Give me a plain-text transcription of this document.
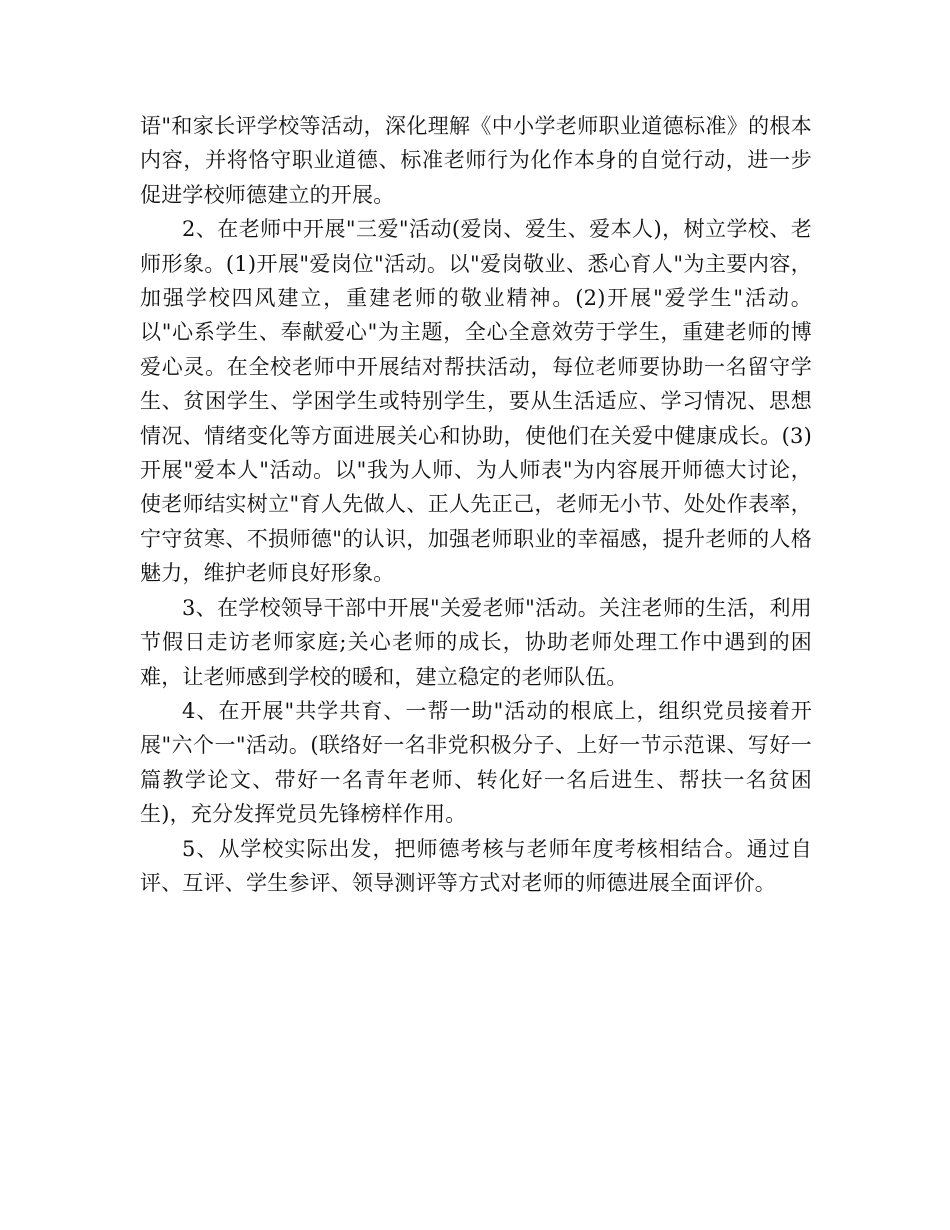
语"和家长评学校等活动，深化理解《中小学老师职业道德标准》的根本内容，并将恪守职业道德、标准老师行为化作本身的自觉行动，进一步促进学校师德建立的开展。

2、在老师中开展"三爱"活动(爱岗、爱生、爱本人)，树立学校、老师形象。(1)开展"爱岗位"活动。以"爱岗敬业、悉心育人"为主要内容，加强学校四风建立，重建老师的敬业精神。(2)开展"爱学生"活动。以"心系学生、奉献爱心"为主题，全心全意效劳于学生，重建老师的博爱心灵。在全校老师中开展结对帮扶活动，每位老师要协助一名留守学生、贫困学生、学困学生或特别学生，要从生活适应、学习情况、思想情况、情绪变化等方面进展关心和协助，使他们在关爱中健康成长。(3)开展"爱本人"活动。以"我为人师、为人师表"为内容展开师德大讨论，使老师结实树立"育人先做人、正人先正己，老师无小节、处处作表率，宁守贫寒、不损师德"的认识，加强老师职业的幸福感，提升老师的人格魅力，维护老师良好形象。

3、在学校领导干部中开展"关爱老师"活动。关注老师的生活，利用节假日走访老师家庭;关心老师的成长，协助老师处理工作中遇到的困难，让老师感到学校的暖和，建立稳定的老师队伍。

4、在开展"共学共育、一帮一助"活动的根底上，组织党员接着开展"六个一"活动。(联络好一名非党积极分子、上好一节示范课、写好一篇教学论文、带好一名青年老师、转化好一名后进生、帮扶一名贫困生)，充分发挥党员先锋榜样作用。

5、从学校实际出发，把师德考核与老师年度考核相结合。通过自评、互评、学生参评、领导测评等方式对老师的师德进展全面评价。
